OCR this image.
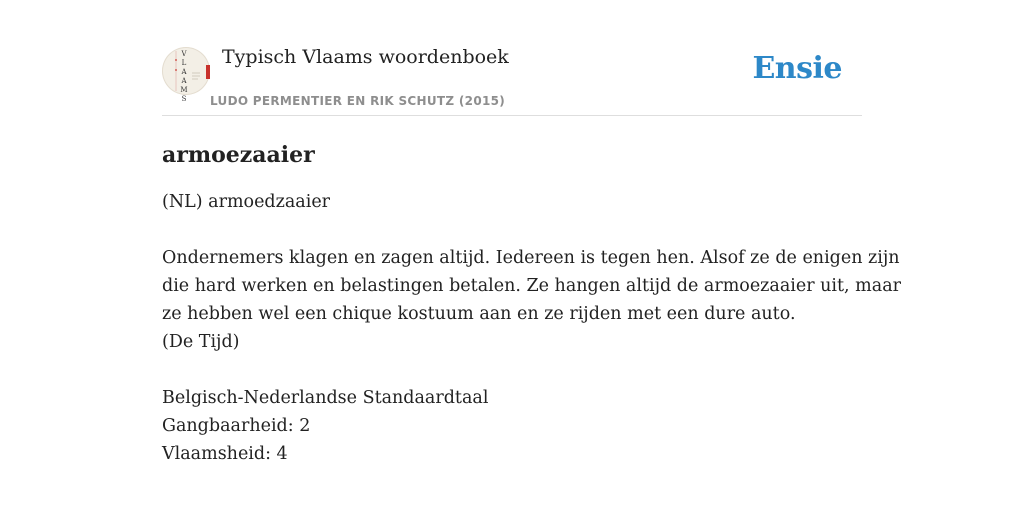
V
L
A
A
M
S
Typisch Vlaams woordenboek
LUDO PERMENTIER EN RIK SCHUTZ (2015)
Ensie
armoezaaier
(NL) armoedzaaier
Ondernemers klagen en zagen altijd. Iedereen is tegen hen. Alsof ze de enigen zijn
die hard werken en belastingen betalen. Ze hangen altijd de armoezaaier uit, maar
ze hebben wel een chique kostuum aan en ze rijden met een dure auto.
(De Tijd)
Belgisch-Nederlandse Standaardtaal
Gangbaarheid: 2
Vlaamsheid: 4
